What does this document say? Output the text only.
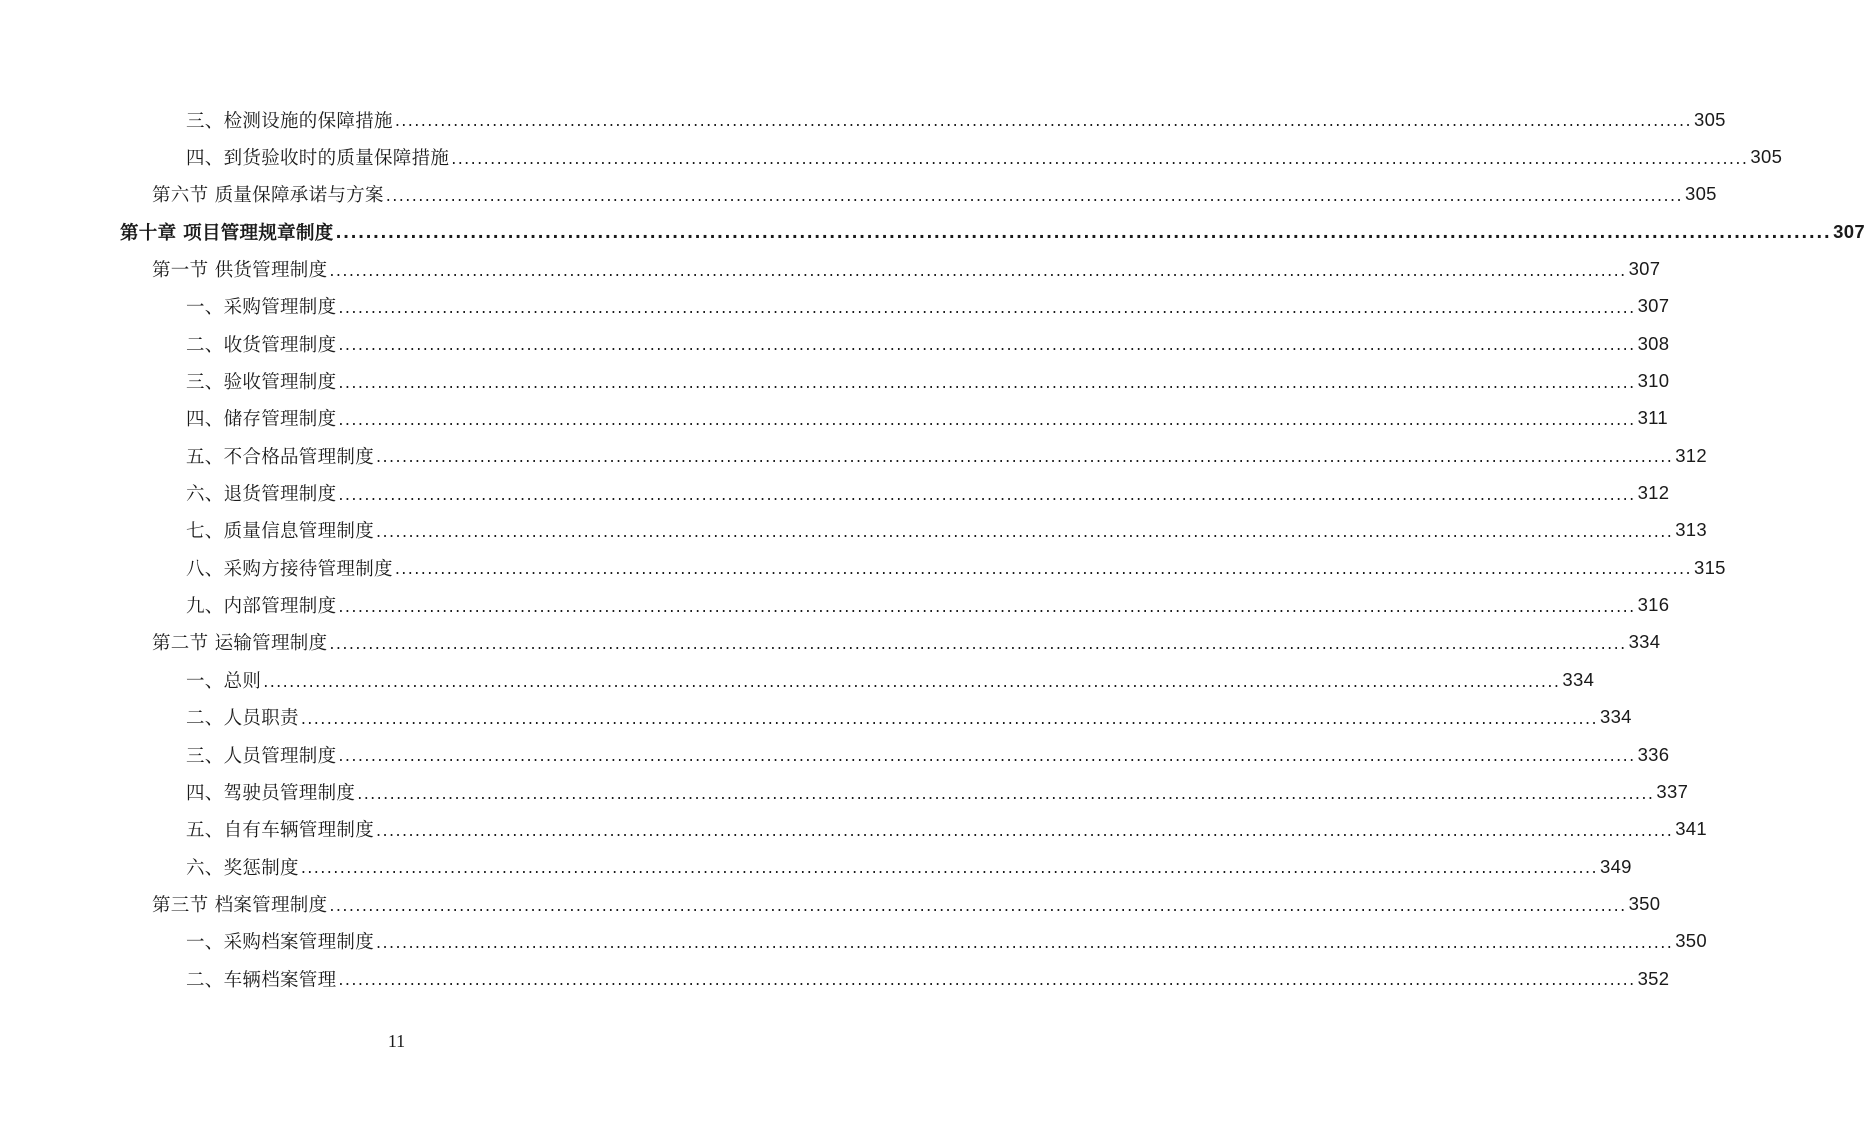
三、检测设施的保障措施 ........................................................................................................................................................................................................ 305
四、到货验收时的质量保障措施 ........................................................................................................................................................................................................ 305
第六节 质量保障承诺与方案 ........................................................................................................................................................................................................ 305
第十章 项目管理规章制度 ........................................................................................................................................................................................................ 307
第一节 供货管理制度 ........................................................................................................................................................................................................ 307
一、采购管理制度 ........................................................................................................................................................................................................ 307
二、收货管理制度 ........................................................................................................................................................................................................ 308
三、验收管理制度 ........................................................................................................................................................................................................ 310
四、储存管理制度 ........................................................................................................................................................................................................ 311
五、不合格品管理制度 ........................................................................................................................................................................................................ 312
六、退货管理制度 ........................................................................................................................................................................................................ 312
七、质量信息管理制度 ........................................................................................................................................................................................................ 313
八、采购方接待管理制度 ........................................................................................................................................................................................................ 315
九、内部管理制度 ........................................................................................................................................................................................................ 316
第二节 运输管理制度 ........................................................................................................................................................................................................ 334
一、总则 ........................................................................................................................................................................................................ 334
二、人员职责 ........................................................................................................................................................................................................ 334
三、人员管理制度 ........................................................................................................................................................................................................ 336
四、驾驶员管理制度 ........................................................................................................................................................................................................ 337
五、自有车辆管理制度 ........................................................................................................................................................................................................ 341
六、奖惩制度 ........................................................................................................................................................................................................ 349
第三节 档案管理制度 ........................................................................................................................................................................................................ 350
一、采购档案管理制度 ........................................................................................................................................................................................................ 350
二、车辆档案管理 ........................................................................................................................................................................................................ 352
11
